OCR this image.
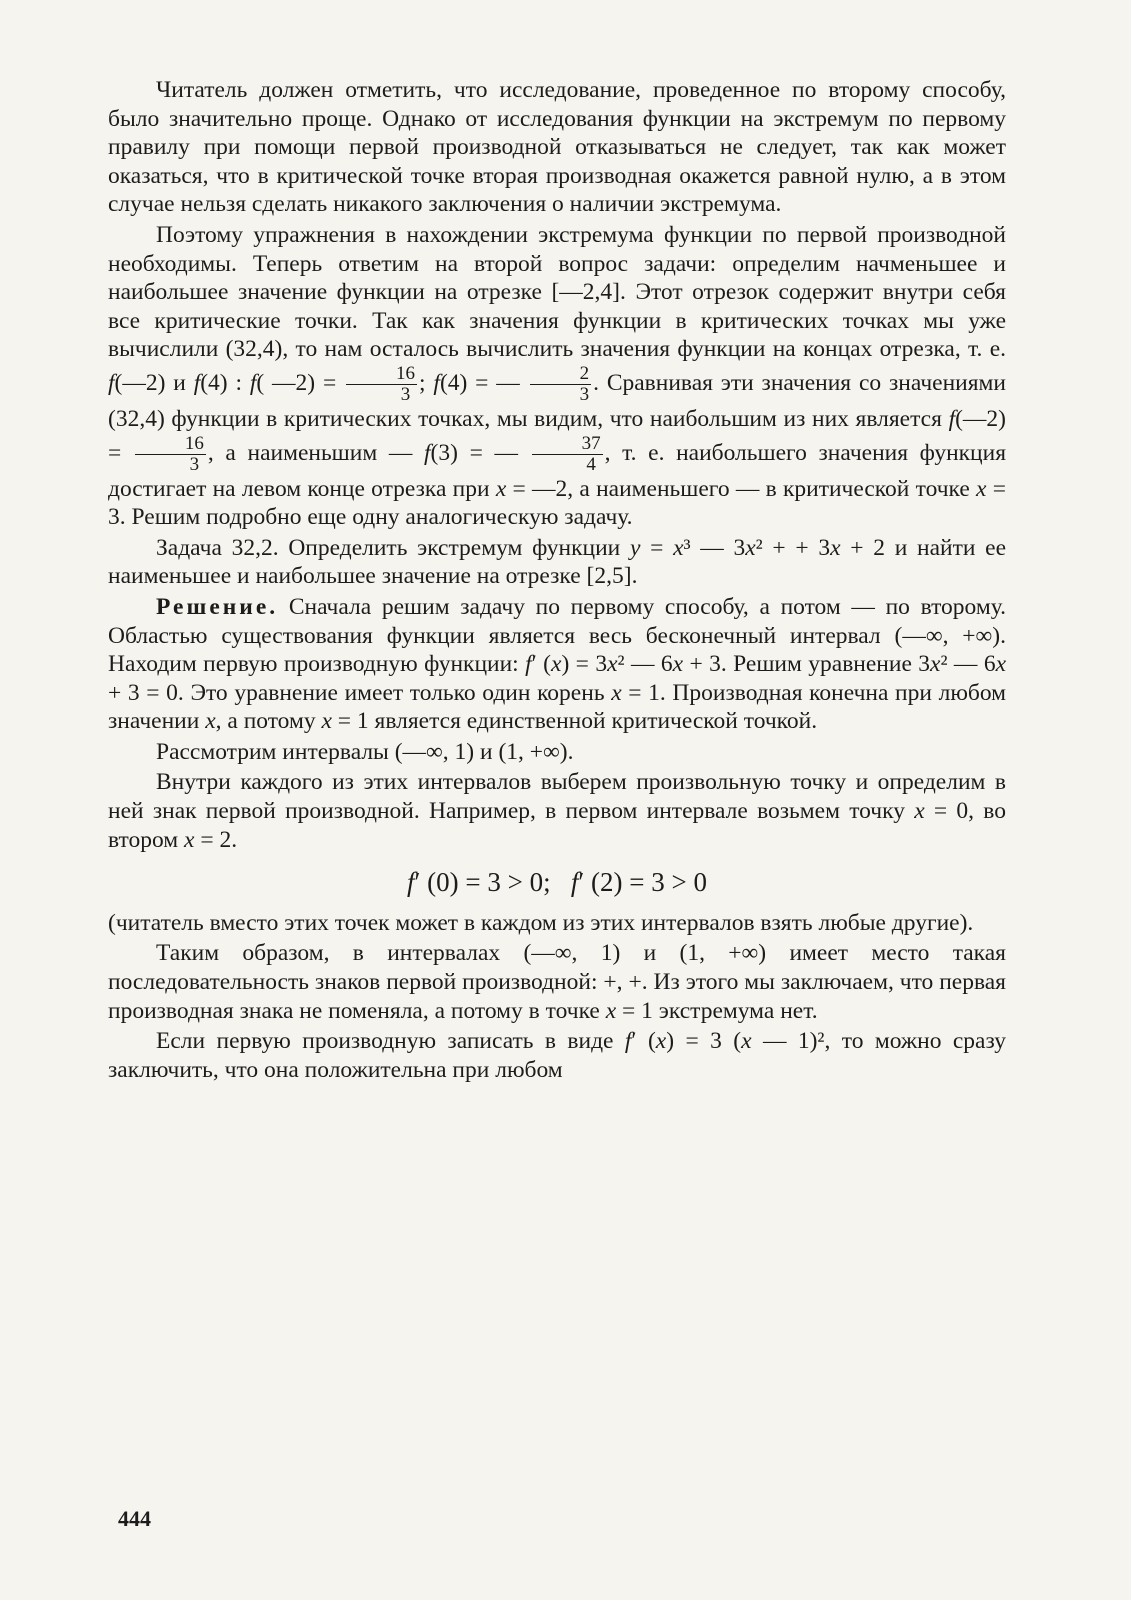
Читатель должен отметить, что исследование, проведенное по второму способу, было значительно проще. Однако от исследования функции на экстремум по первому правилу при помощи первой производной отказываться не следует, так как может оказаться, что в критической точке вторая производная окажется равной нулю, а в этом случае нельзя сделать никакого заключения о наличии экстремума.

Поэтому упражнения в нахождении экстремума функции по первой производной необходимы. Теперь ответим на второй вопрос задачи: определим начменьшее и наибольшее значение функции на отрезке [—2,4]. Этот отрезок содержит внутри себя все критические точки. Так как значения функции в критических точках мы уже вычислили (32,4), то нам осталось вычислить значения функции на концах отрезка, т. е. f(—2) и f(4) : f( —2) = $\frac{16}{3}$ ; f(4) = — $\frac{2}{3}$ . Сравнивая эти значения со значениями (32,4) функции в критических точках, мы видим, что наибольшим из них является f(—2) = $\frac{16}{3}$ , а наименьшим — f(3) = — $\frac{37}{4}$ , т. е. наибольшего значения функция достигает на левом конце отрезка при x = —2, а наименьшего — в критической точке x = 3. Решим подробно еще одну аналогическую задачу.

Задача 32,2. Определить экстремум функции y = x³ — 3x² + + 3x + 2 и найти ее наименьшее и наибольшее значение на отрезке [2,5].

Решение. Сначала решим задачу по первому способу, а потом — по второму. Областью существования функции является весь бесконечный интервал (—∞, +∞). Находим первую производную функции: f′ (x) = 3x² — 6x + 3. Решим уравнение 3x² — 6x + 3 = 0. Это уравнение имеет только один корень x = 1. Производная конечна при любом значении x, а потому x = 1 является единственной критической точкой.

Рассмотрим интервалы (—∞, 1) и (1, +∞).

Внутри каждого из этих интервалов выберем произвольную точку и определим в ней знак первой производной. Например, в первом интервале возьмем точку x = 0, во втором x = 2.

f′ (0) = 3 > 0;   f′ (2) = 3 > 0

(читатель вместо этих точек может в каждом из этих интервалов взять любые другие).

Таким образом, в интервалах (—∞, 1) и (1, +∞) имеет место такая последовательность знаков первой производной: +, +. Из этого мы заключаем, что первая производная знака не поменяла, а потому в точке x = 1 экстремума нет.

Если первую производную записать в виде f′ (x) = 3 (x — 1)², то можно сразу заключить, что она положительна при любом

444
